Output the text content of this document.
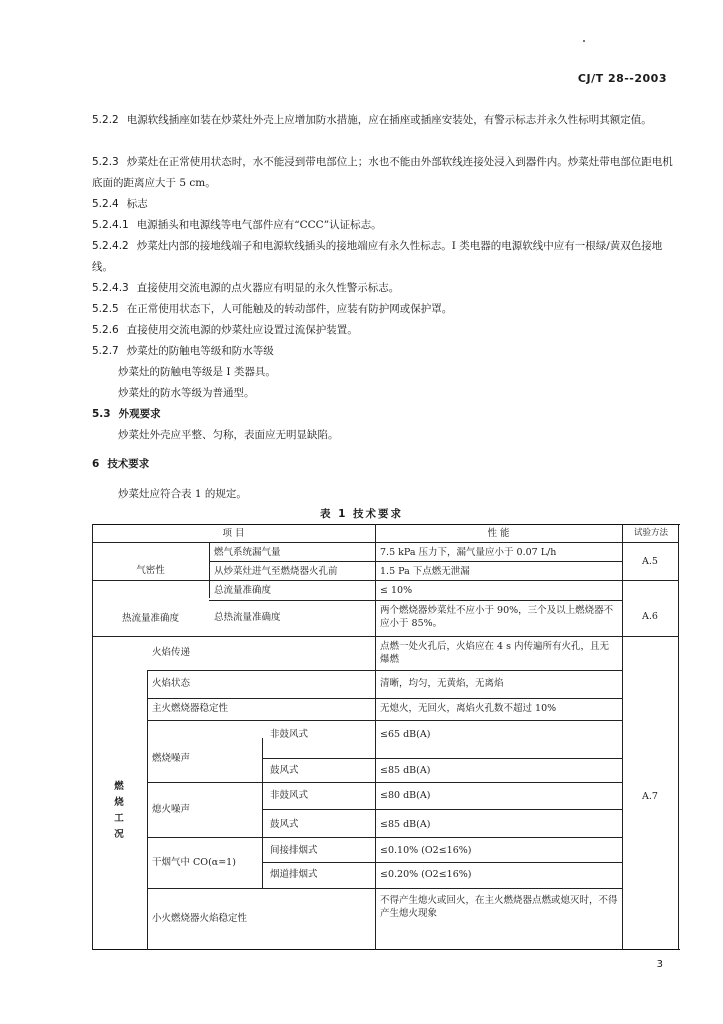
CJ/T 28--2003
5.2.2 电源软线插座如装在炒菜灶外壳上应增加防水措施，应在插座或插座安装处，有警示标志并永久性标明其额定值。
5.2.3 炒菜灶在正常使用状态时，水不能浸到带电部位上；水也不能由外部软线连接处浸入到器件内。炒菜灶带电部位距电机底面的距离应大于 5 cm。
5.2.4 标志
5.2.4.1 电源插头和电源线等电气部件应有“CCC”认证标志。
5.2.4.2 炒菜灶内部的接地线端子和电源软线插头的接地端应有永久性标志。I 类电器的电源软线中应有一根绿/黄双色接地线。
5.2.4.3 直接使用交流电源的点火器应有明显的永久性警示标志。
5.2.5 在正常使用状态下，人可能触及的转动部件，应装有防护网或保护罩。
5.2.6 直接使用交流电源的炒菜灶应设置过流保护装置。
5.2.7 炒菜灶的防触电等级和防水等级
炒菜灶的防触电等级是 I 类器具。
炒菜灶的防水等级为普通型。
5.3 外观要求
炒菜灶外壳应平整、匀称，表面应无明显缺陷。
6 技术要求
炒菜灶应符合表 1 的规定。
表 1 技术要求
项 目	性 能	试验方法
气密性
热流量准确度
燃烧工况
燃气系统漏气量
从炒菜灶进气至燃烧器火孔前
总流量准确度
总热流量准确度
火焰传递
火焰状态
主火燃烧器稳定性
燃烧噪声
熄火噪声
干烟气中 CO(α=1)
小火燃烧器火焰稳定性
非鼓风式
鼓风式
非鼓风式
鼓风式
间接排烟式
烟道排烟式
7.5 kPa 压力下，漏气量应小于 0.07 L/h
1.5 Pa 下点燃无泄漏
≤ 10%
两个燃烧器炒菜灶不应小于 90%，三个及以上燃烧器不应小于 85%。
点燃一处火孔后，火焰应在 4 s 内传遍所有火孔，且无爆燃
清晰，均匀，无黄焰，无离焰
无熄火，无回火，离焰火孔数不超过 10%
≤65 dB(A)
≤85 dB(A)
≤80 dB(A)
≤85 dB(A)
≤0.10% (O2≤16%)
≤0.20% (O2≤16%)
不得产生熄火或回火，在主火燃烧器点燃或熄灭时，不得产生熄火现象
A.5
A.6
A.7
3
